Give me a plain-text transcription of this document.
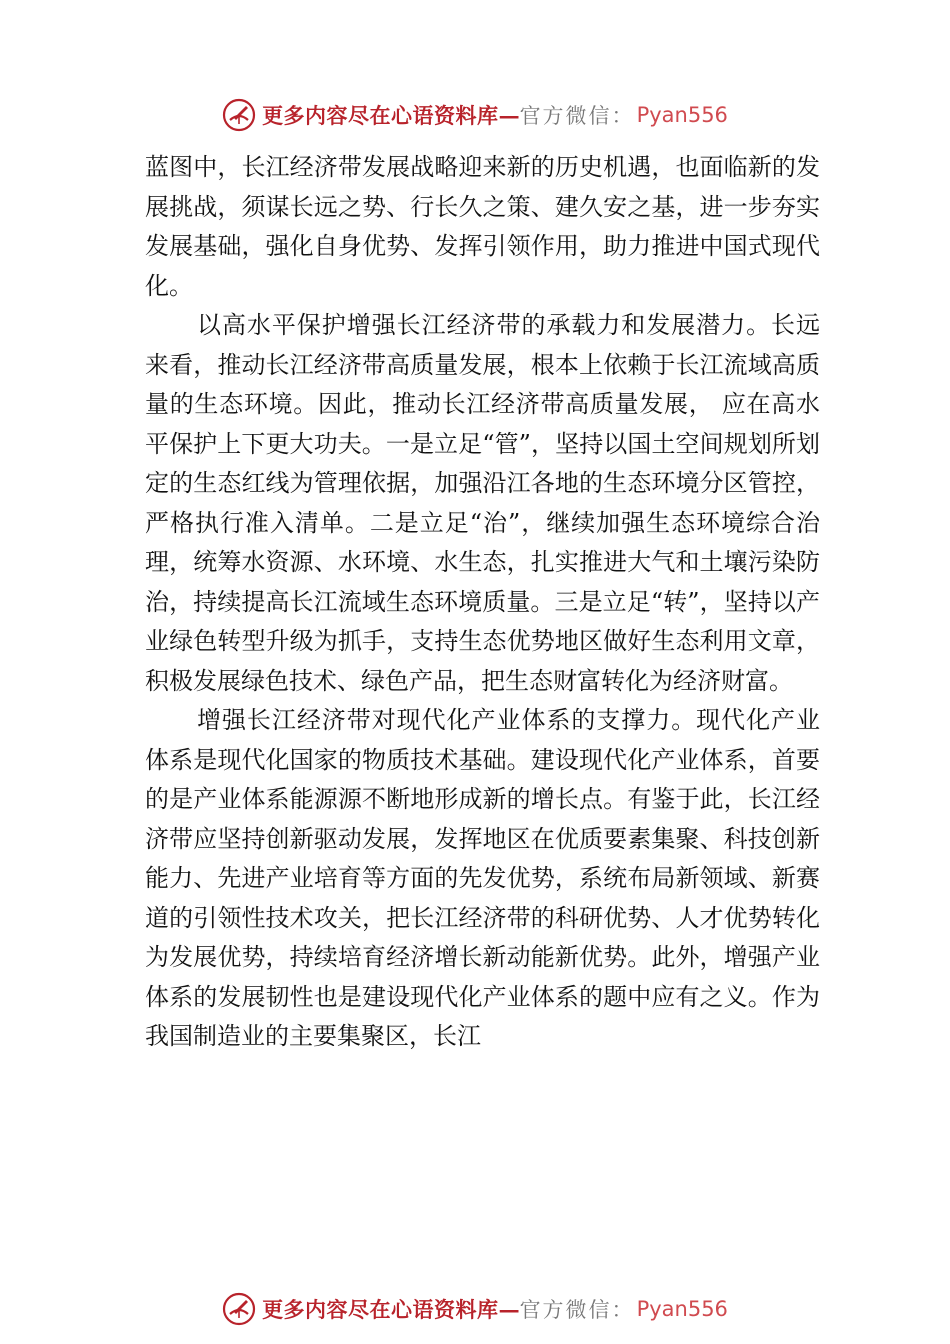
更多内容尽在心语资料库 — 官方微信： Pyan556

蓝图中，长江经济带发展战略迎来新的历史机遇，也面临新的发展挑战，须谋长远之势、行长久之策、建久安之基，进一步夯实发展基础，强化自身优势、发挥引领作用，助力推进中国式现代化。

以高水平保护增强长江经济带的承载力和发展潜力。长远来看，推动长江经济带高质量发展，根本上依赖于长江流域高质量的生态环境。因此，推动长江经济带高质量发展， 应在高水平保护上下更大功夫。一是立足“管”，坚持以国土空间规划所划定的生态红线为管理依据，加强沿江各地的生态环境分区管控，严格执行准入清单。二是立足“治”，继续加强生态环境综合治理，统筹水资源、水环境、水生态，扎实推进大气和土壤污染防治，持续提高长江流域生态环境质量。三是立足“转”，坚持以产业绿色转型升级为抓手，支持生态优势地区做好生态利用文章，积极发展绿色技术、绿色产品，把生态财富转化为经济财富。

增强长江经济带对现代化产业体系的支撑力。现代化产业体系是现代化国家的物质技术基础。建设现代化产业体系，首要的是产业体系能源源不断地形成新的增长点。有鉴于此，长江经济带应坚持创新驱动发展，发挥地区在优质要素集聚、科技创新能力、先进产业培育等方面的先发优势，系统布局新领域、新赛道的引领性技术攻关，把长江经济带的科研优势、人才优势转化为发展优势，持续培育经济增长新动能新优势。此外，增强产业体系的发展韧性也是建设现代化产业体系的题中应有之义。作为我国制造业的主要集聚区，长江

更多内容尽在心语资料库 — 官方微信： Pyan556
